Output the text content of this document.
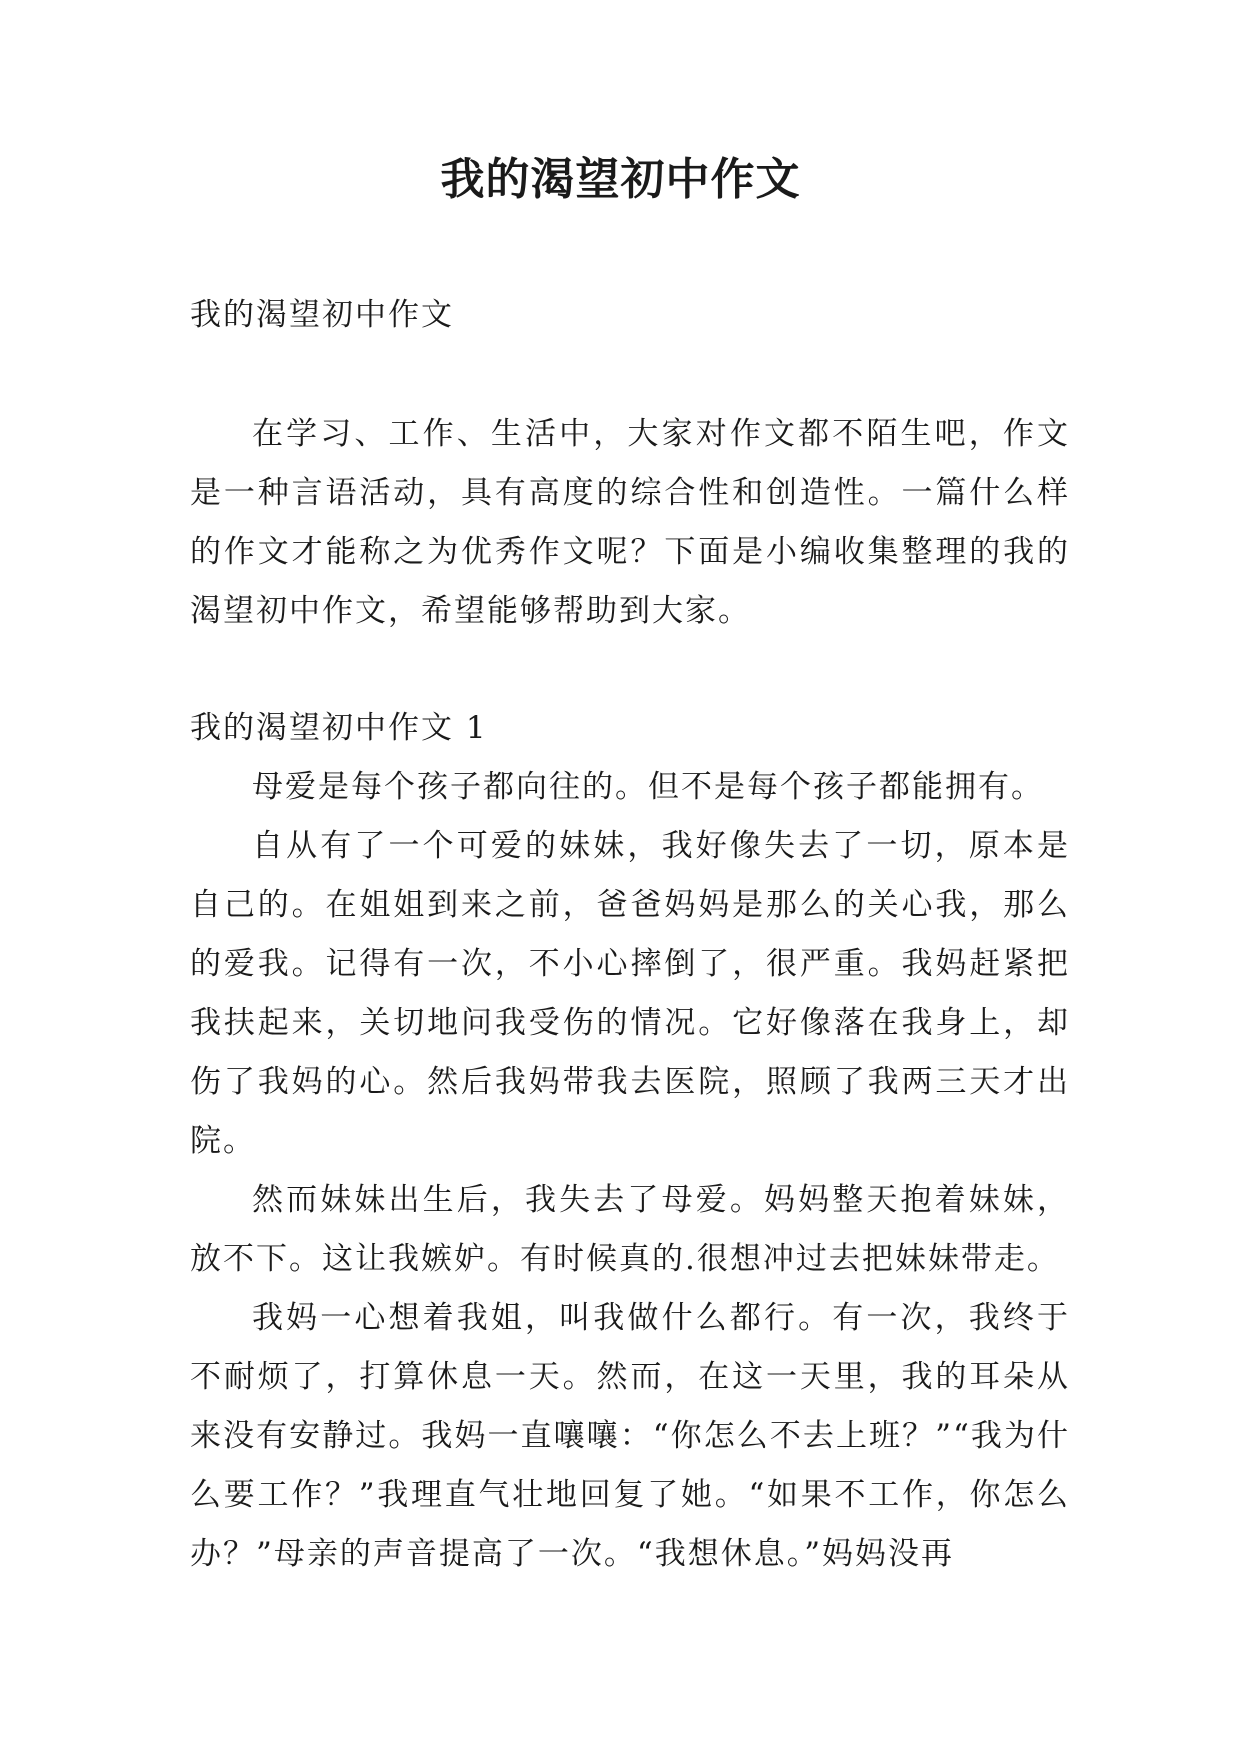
我的渴望初中作文

我的渴望初中作文

在学习、工作、生活中，大家对作文都不陌生吧，作文是一种言语活动，具有高度的综合性和创造性。一篇什么样的作文才能称之为优秀作文呢？下面是小编收集整理的我的渴望初中作文，希望能够帮助到大家。

我的渴望初中作文 1

母爱是每个孩子都向往的。但不是每个孩子都能拥有。

自从有了一个可爱的妹妹，我好像失去了一切，原本是自己的。在姐姐到来之前，爸爸妈妈是那么的关心我，那么的爱我。记得有一次，不小心摔倒了，很严重。我妈赶紧把我扶起来，关切地问我受伤的情况。它好像落在我身上，却伤了我妈的心。然后我妈带我去医院，照顾了我两三天才出院。

然而妹妹出生后，我失去了母爱。妈妈整天抱着妹妹，放不下。这让我嫉妒。有时候真的.很想冲过去把妹妹带走。

我妈一心想着我姐，叫我做什么都行。有一次，我终于不耐烦了，打算休息一天。然而，在这一天里，我的耳朵从来没有安静过。我妈一直嚷嚷：“你怎么不去上班？”“我为什么要工作？”我理直气壮地回复了她。“如果不工作，你怎么办？”母亲的声音提高了一次。“我想休息。”妈妈没再
